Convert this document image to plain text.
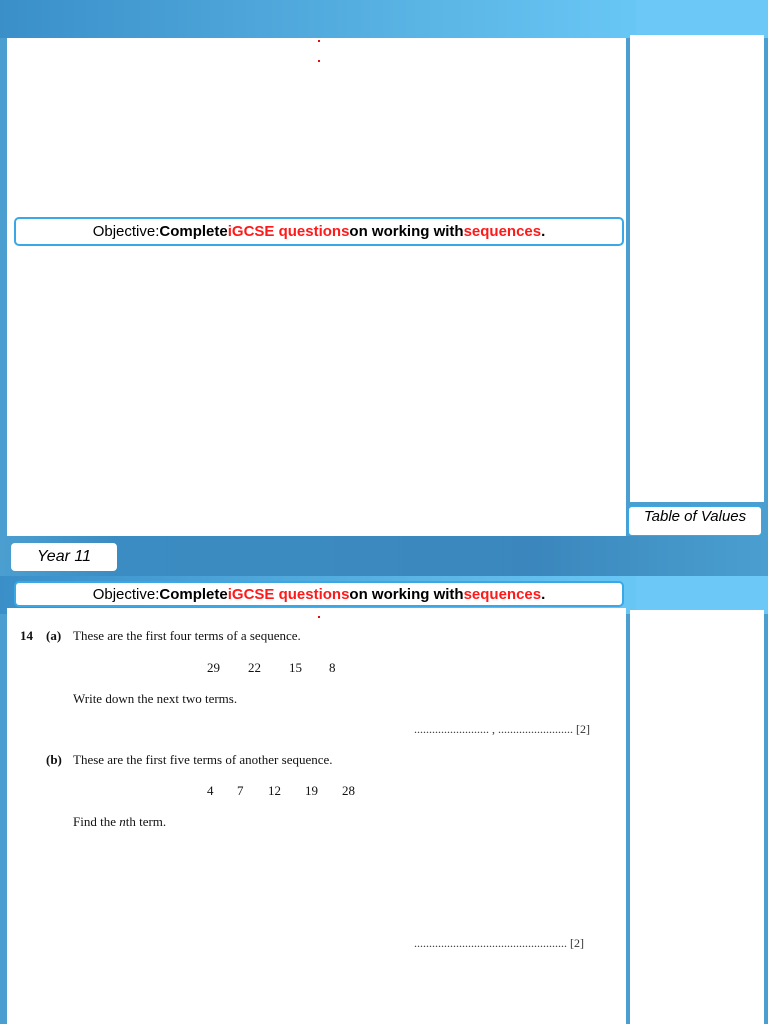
Objective: Complete iGCSE questions on working with sequences .
Table of Values
Year 11
Objective: Complete iGCSE questions on working with sequences .
14 (a) These are the first four terms of a sequence.
29 22 15 8
Write down the next two terms.
......................... , ......................... [2]
(b) These are the first five terms of another sequence.
4 7 12 19 28
Find the nth term.
................................................... [2]
